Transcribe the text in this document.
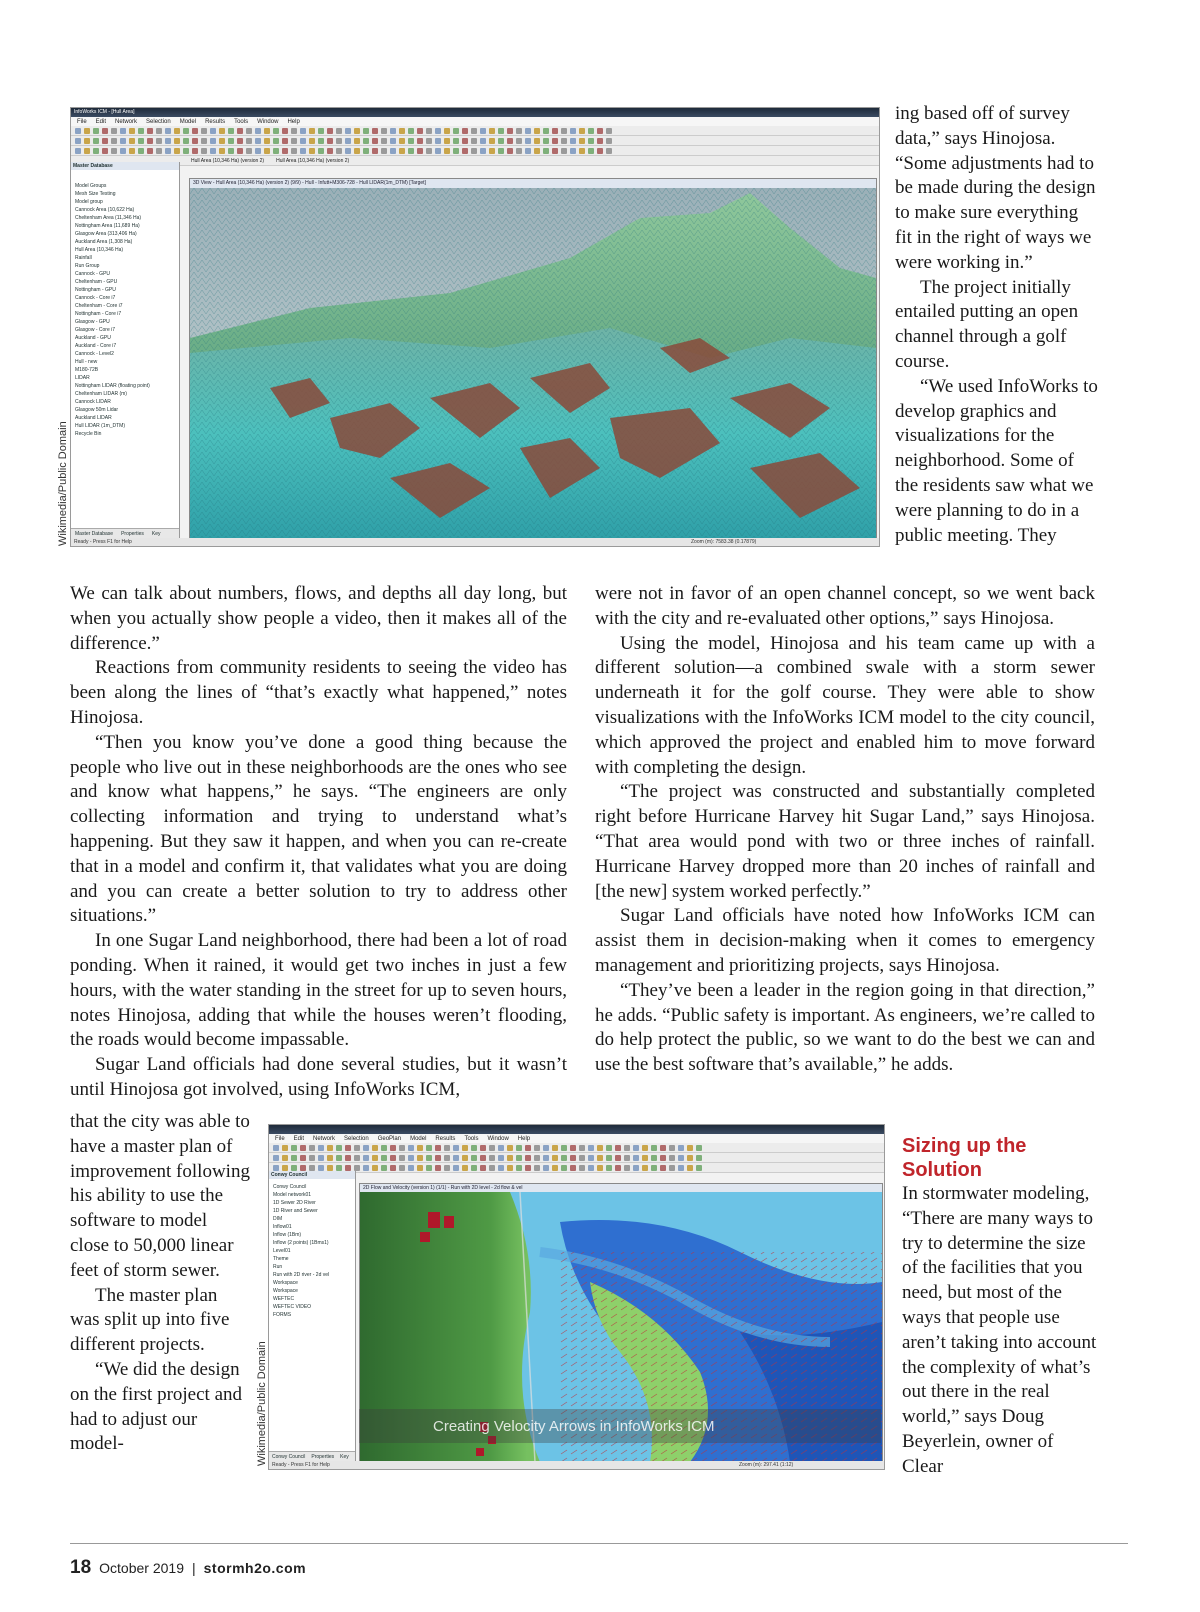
Wikimedia/Public Domain
InfoWorks ICM - [Hull Area]
File Edit Network Selection Model Results Tools Window Help
Hull Area (10,346 Ha) (version 2) Hull Area (10,346 Ha) (version 2)
Master Database
Model Groups
Mesh Size Testing
Model group
Cannock Area (10,622 Ha)
Cheltenham Area (11,346 Ha)
Nottingham Area (11,689 Ha)
Glasgow Area (313,406 Ha)
Auckland Area (1,308 Ha)
Hull Area (10,346 Ha)
Rainfall
Run Group
Cannock - GPU
Cheltenham - GPU
Nottingham - GPU
Cannock - Core i7
Cheltenham - Core i7
Nottingham - Core i7
Glasgow - GPU
Glasgow - Core i7
Auckland - GPU
Auckland - Core i7
Cannock - Level2
Hull - new
M180-72B
LIDAR
Nottingham LIDAR (floating point)
Cheltenham LIDAR (m)
Cannock LIDAR
Glasgow 50m Lidar
Auckland LIDAR
Hull LIDAR (1m_DTM)
Recycle Bin
Master Database Properties Key
3D View - Hull Area (10,346 Ha) (version 2) (9/9) - Hull - Infutt+M306-728 - Hull LIDAR(1m_DTM) [Target]
Ready - Press F1 for Help	Zoom (m): 7583.38 (0.17879)

We can talk about numbers, flows, and depths all day long, but when you actually show people a video, then it makes all of the difference.”

Reactions from community residents to seeing the video has been along the lines of “that’s exactly what happened,” notes Hinojosa.

“Then you know you’ve done a good thing because the people who live out in these neighborhoods are the ones who see and know what happens,” he says. “The engineers are only collecting information and trying to understand what’s happening. But they saw it happen, and when you can re-create that in a model and confirm it, that validates what you are doing and you can create a better solution to try to address other situations.”

In one Sugar Land neighborhood, there had been a lot of road ponding. When it rained, it would get two inches in just a few hours, with the water standing in the street for up to seven hours, notes Hinojosa, adding that while the houses weren’t flooding, the roads would become impassable.

Sugar Land officials had done several studies, but it wasn’t until Hinojosa got involved, using InfoWorks ICM,

that the city was able to have a master plan of improvement following his ability to use the software to model close to 50,000 linear feet of storm sewer.

The master plan was split up into five different projects.

“We did the design on the first project and had to adjust our model-

ing based off of survey data,” says Hinojosa. “Some adjustments had to be made during the design to make sure everything fit in the right of ways we were working in.”

The project initially entailed putting an open channel through a golf course.

“We used InfoWorks to develop graphics and visualizations for the neighborhood. Some of the residents saw what we were planning to do in a public meeting. They

were not in favor of an open channel concept, so we went back with the city and re-evaluated other options,” says Hinojosa.

Using the model, Hinojosa and his team came up with a different solution—a combined swale with a storm sewer underneath it for the golf course. They were able to show visualizations with the InfoWorks ICM model to the city council, which approved the project and enabled him to move forward with completing the design.

“The project was constructed and substantially completed right before Hurricane Harvey hit Sugar Land,” says Hinojosa. “That area would pond with two or three inches of rainfall. Hurricane Harvey dropped more than 20 inches of rainfall and [the new] system worked perfectly.”

Sugar Land officials have noted how InfoWorks ICM can assist them in decision-making when it comes to emergency management and prioritizing projects, says Hinojosa.

“They’ve been a leader in the region going in that direction,” he adds. “Public safety is important. As engineers, we’re called to do help protect the public, so we want to do the best we can and use the best software that’s available,” he adds.

Wikimedia/Public Domain
File Edit Network Selection GeoPlan Model Results Tools Window Help
Conwy Council
Conwy Council
Model network01
1D Sewer 2D River
1D River and Sewer
DIM
Inflow01
Inflow (1Bm)
Inflow (2 points) (1Bms1)
Level01
Theme
Run
Run with 2D river - 2d vel
Workspace
Workspace
WEFTEC
WEFTEC VIDEO
FORMS
Conwy Council Properties Key
2D Flow and Velocity (version 1) (1/1) - Run with 2D level - 2d flow & vel
Creating Velocity Arrows in InfoWorks ICM
Ready - Press F1 for Help	Zoom (m): 297.41 (1:12)
Sizing up the Solution

In stormwater modeling, “There are many ways to try to determine the size of the facilities that you need, but most of the ways that people use aren’t taking into account the complexity of what’s out there in the real world,” says Doug Beyerlein, owner of Clear

18 October 2019 | stormh2o.com
